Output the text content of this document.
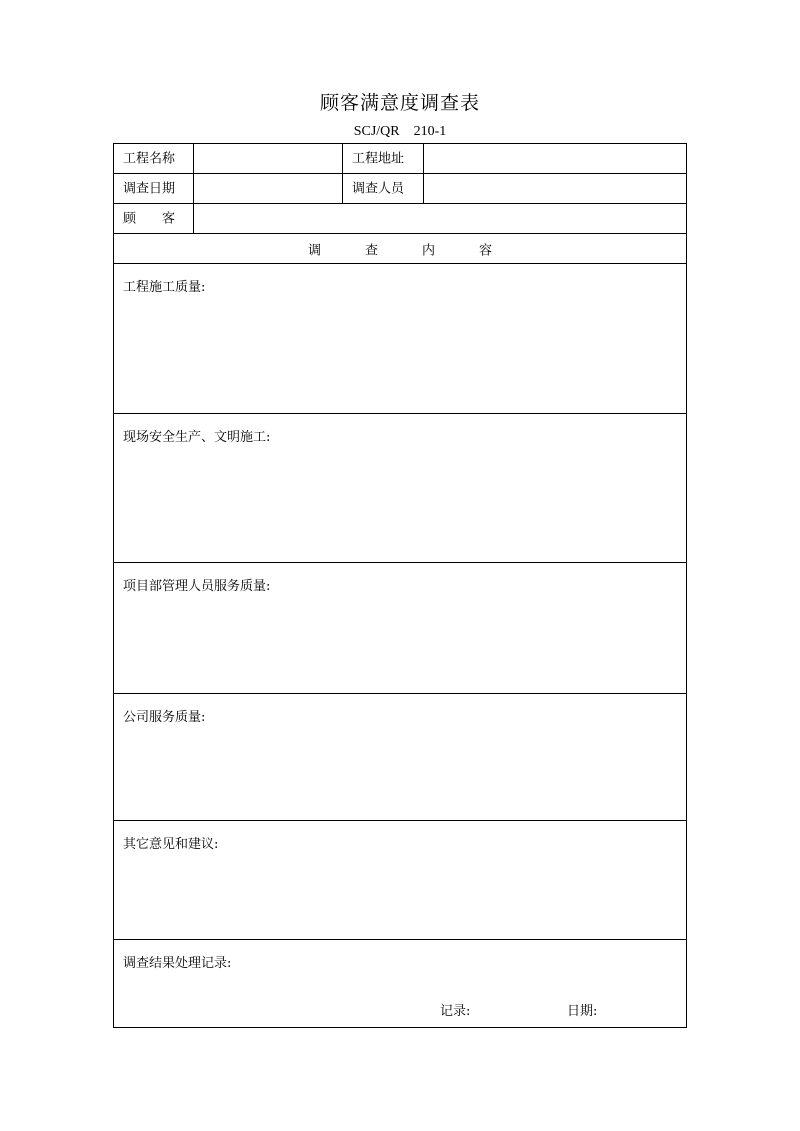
顾客满意度调查表
SCJ/QR    210-1
工程名称	工程地址
调查日期	调查人员
顾　　客
调	查	内	容
工程施工质量:
现场安全生产、文明施工:
项目部管理人员服务质量:
公司服务质量:
其它意见和建议:
调查结果处理记录:
记录:	日期:
